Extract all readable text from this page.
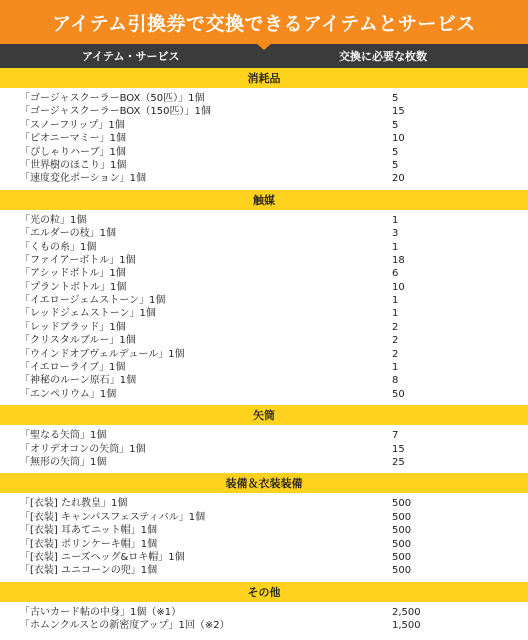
アイテム引換券で交換できるアイテムとサービス
アイテム・サービス	交換に必要な枚数
消耗品
「ゴージャスクーラーBOX（50匹）」1個	5
「ゴージャスクーラーBOX（150匹）」1個	15
「スノーフリップ」1個	5
「ピオニーマミー」1個	10
「ぴしゃりハーブ」1個	5
「世界樹のほこり」1個	5
「速度変化ポーション」1個	20
触媒
「光の粒」1個	1
「エルダーの枝」1個	3
「くもの糸」1個	1
「ファイアーボトル」1個	18
「アシッドボトル」1個	6
「プラントボトル」1個	10
「イエロージェムストーン」1個	1
「レッドジェムストーン」1個	1
「レッドブラッド」1個	2
「クリスタルブルー」1個	2
「ウインドオブヴェルデュール」1個	2
「イエローライブ」1個	1
「神秘のルーン原石」1個	8
「エンペリウム」1個	50
矢筒
「聖なる矢筒」1個	7
「オリデオコンの矢筒」1個	15
「無形の矢筒」1個	25
装備＆衣装装備
「[衣装] たれ教皇」1個	500
「[衣装] キャンパスフェスティバル」1個	500
「[衣装] 耳あてニット帽」1個	500
「[衣装] ポリンケーキ帽」1個	500
「[衣装] ニーズヘッグ&ロキ帽」1個	500
「[衣装] ユニコーンの兜」1個	500
その他
「古いカード帖の中身」1個（※1）	2,500
「ホムンクルスとの新密度アップ」1回（※2）	1,500
